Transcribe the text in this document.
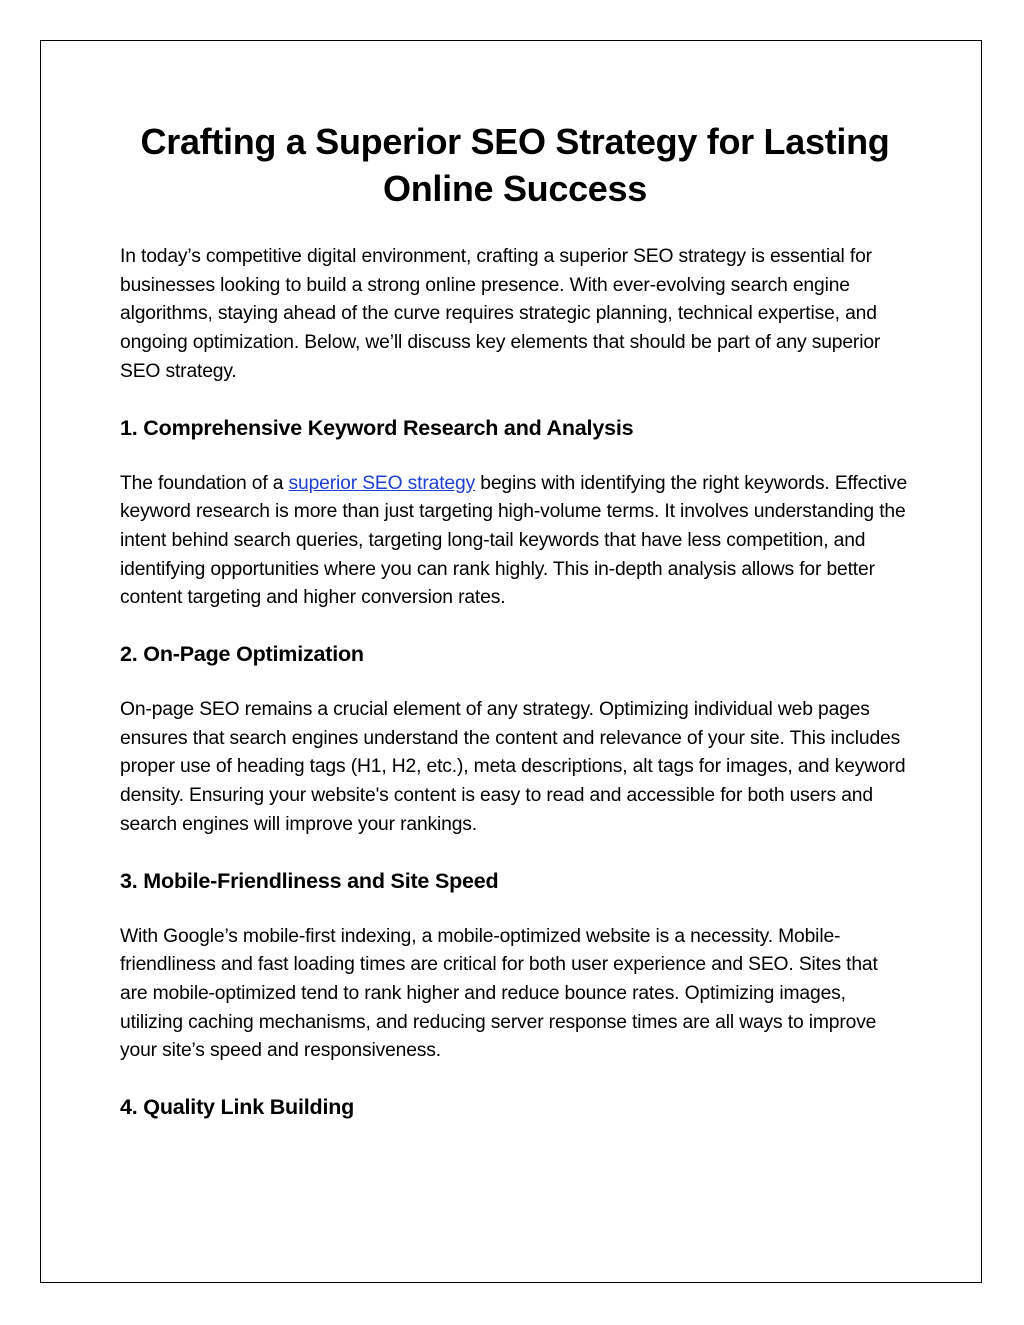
Crafting a Superior SEO Strategy for Lasting Online Success

In today’s competitive digital environment, crafting a superior SEO strategy is essential for businesses looking to build a strong online presence. With ever-evolving search engine algorithms, staying ahead of the curve requires strategic planning, technical expertise, and ongoing optimization. Below, we’ll discuss key elements that should be part of any superior SEO strategy.

1. Comprehensive Keyword Research and Analysis

The foundation of a superior SEO strategy begins with identifying the right keywords. Effective keyword research is more than just targeting high-volume terms. It involves understanding the intent behind search queries, targeting long-tail keywords that have less competition, and identifying opportunities where you can rank highly. This in-depth analysis allows for better content targeting and higher conversion rates.

2. On-Page Optimization

On-page SEO remains a crucial element of any strategy. Optimizing individual web pages ensures that search engines understand the content and relevance of your site. This includes proper use of heading tags (H1, H2, etc.), meta descriptions, alt tags for images, and keyword density. Ensuring your website's content is easy to read and accessible for both users and search engines will improve your rankings.

3. Mobile-Friendliness and Site Speed

With Google’s mobile-first indexing, a mobile-optimized website is a necessity. Mobile-friendliness and fast loading times are critical for both user experience and SEO. Sites that are mobile-optimized tend to rank higher and reduce bounce rates. Optimizing images, utilizing caching mechanisms, and reducing server response times are all ways to improve your site’s speed and responsiveness.

4. Quality Link Building
